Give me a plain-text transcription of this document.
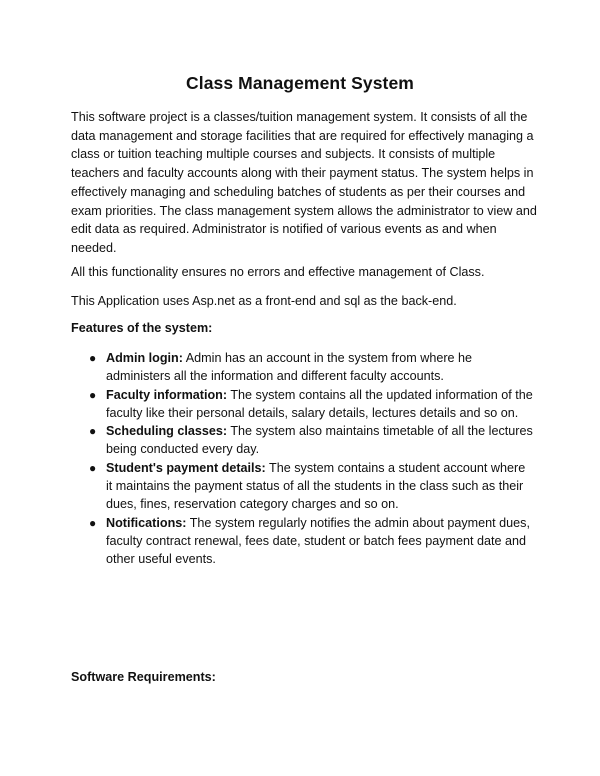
Class Management System

This software project is a classes/tuition management system. It consists of all the data management and storage facilities that are required for effectively managing a class or tuition teaching multiple courses and subjects. It consists of multiple teachers and faculty accounts along with their payment status. The system helps in effectively managing and scheduling batches of students as per their courses and exam priorities. The class management system allows the administrator to view and edit data as required. Administrator is notified of various events as and when needed.

All this functionality ensures no errors and effective management of Class.

This Application uses Asp.net as a front-end and sql as the back-end.

Features of the system:
● Admin login: Admin has an account in the system from where he administers all the information and different faculty accounts.
● Faculty information: The system contains all the updated information of the faculty like their personal details, salary details, lectures details and so on.
● Scheduling classes: The system also maintains timetable of all the lectures being conducted every day.
● Student's payment details: The system contains a student account where it maintains the payment status of all the students in the class such as their dues, fines, reservation category charges and so on.
● Notifications: The system regularly notifies the admin about payment dues, faculty contract renewal, fees date, student or batch fees payment date and other useful events.
Software Requirements:
